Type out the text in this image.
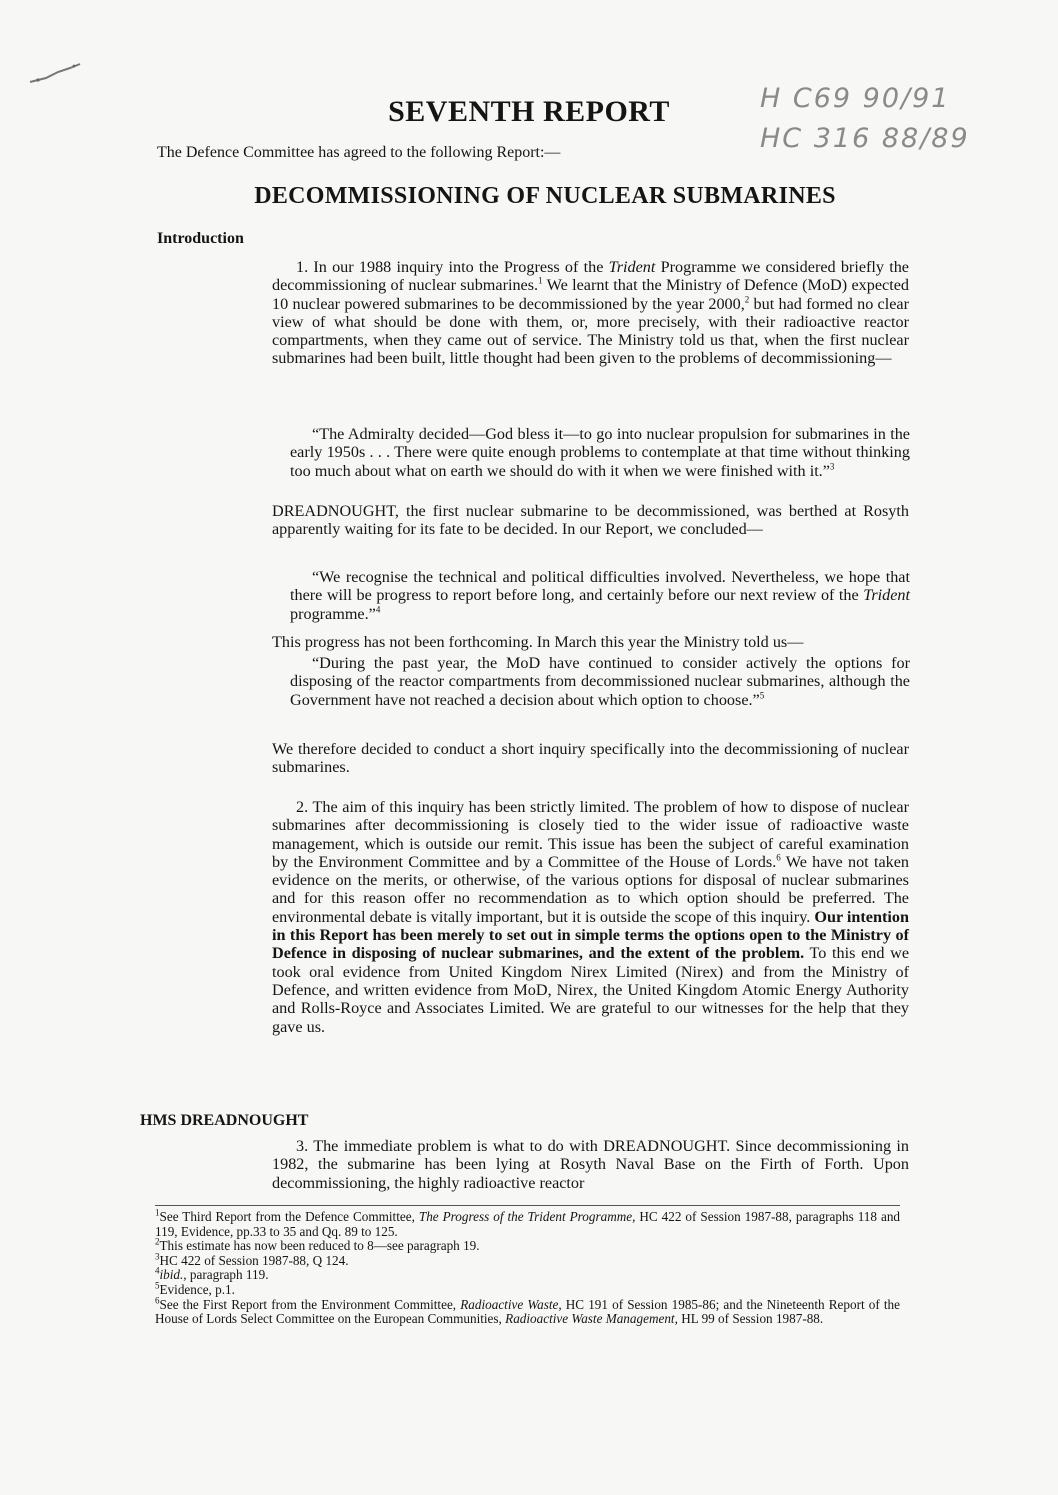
H C69 90/91
HC 316 88/89
SEVENTH REPORT
The Defence Committee has agreed to the following Report:—
DECOMMISSIONING OF NUCLEAR SUBMARINES
Introduction

1. In our 1988 inquiry into the Progress of the Trident Programme we considered briefly the decommissioning of nuclear submarines.$^1$ We learnt that the Ministry of Defence (MoD) expected 10 nuclear powered submarines to be decommissioned by the year 2000,$^2$ but had formed no clear view of what should be done with them, or, more precisely, with their radioactive reactor compartments, when they came out of service. The Ministry told us that, when the first nuclear submarines had been built, little thought had been given to the problems of decommissioning—

“The Admiralty decided—God bless it—to go into nuclear propulsion for submarines in the early 1950s . . . There were quite enough problems to contemplate at that time without thinking too much about what on earth we should do with it when we were finished with it.”$^3$

DREADNOUGHT, the first nuclear submarine to be decommissioned, was berthed at Rosyth apparently waiting for its fate to be decided. In our Report, we concluded—

“We recognise the technical and political difficulties involved. Nevertheless, we hope that there will be progress to report before long, and certainly before our next review of the Trident programme.”$^4$

This progress has not been forthcoming. In March this year the Ministry told us—

“During the past year, the MoD have continued to consider actively the options for disposing of the reactor compartments from decommissioned nuclear submarines, although the Government have not reached a decision about which option to choose.”$^5$

We therefore decided to conduct a short inquiry specifically into the decommissioning of nuclear submarines.

2. The aim of this inquiry has been strictly limited. The problem of how to dispose of nuclear submarines after decommissioning is closely tied to the wider issue of radioactive waste management, which is outside our remit. This issue has been the subject of careful examination by the Environment Committee and by a Committee of the House of Lords.$^6$ We have not taken evidence on the merits, or otherwise, of the various options for disposal of nuclear submarines and for this reason offer no recommendation as to which option should be preferred. The environmental debate is vitally important, but it is outside the scope of this inquiry. Our intention in this Report has been merely to set out in simple terms the options open to the Ministry of Defence in disposing of nuclear submarines, and the extent of the problem. To this end we took oral evidence from United Kingdom Nirex Limited (Nirex) and from the Ministry of Defence, and written evidence from MoD, Nirex, the United Kingdom Atomic Energy Authority and Rolls-Royce and Associates Limited. We are grateful to our witnesses for the help that they gave us.

HMS DREADNOUGHT

3. The immediate problem is what to do with DREADNOUGHT. Since decommissioning in 1982, the submarine has been lying at Rosyth Naval Base on the Firth of Forth. Upon decommissioning, the highly radioactive reactor

$^1$See Third Report from the Defence Committee, The Progress of the Trident Programme, HC 422 of Session 1987-88, paragraphs 118 and 119, Evidence, pp.33 to 35 and Qq. 89 to 125.

$^2$This estimate has now been reduced to 8—see paragraph 19.

$^3$HC 422 of Session 1987-88, Q 124.

$^4$ibid., paragraph 119.

$^5$Evidence, p.1.

$^6$See the First Report from the Environment Committee, Radioactive Waste, HC 191 of Session 1985-86; and the Nineteenth Report of the House of Lords Select Committee on the European Communities, Radioactive Waste Management, HL 99 of Session 1987-88.
